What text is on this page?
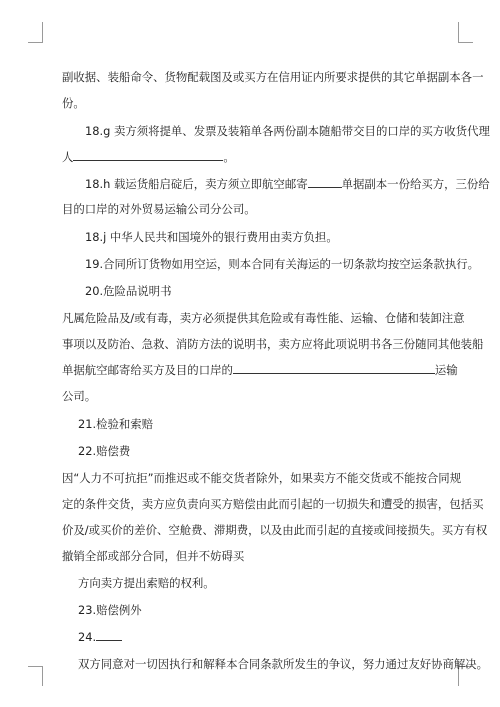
副收据、装船命令、货物配载图及或买方在信用证内所要求提供的其它单据副本各一
份。
18.g 卖方须将提单、发票及装箱单各两份副本随船带交目的口岸的买方收货代理
人	。
18.h 载运货船启碇后，卖方须立即航空邮寄	单据副本一份给买方，三份给
目的口岸的对外贸易运输公司分公司。
18.j 中华人民共和国境外的银行费用由卖方负担。
19.合同所订货物如用空运，则本合同有关海运的一切条款均按空运条款执行。
20.危险品说明书
凡属危险品及/或有毒，卖方必须提供其危险或有毒性能、运输、仓储和装卸注意
事项以及防治、急救、消防方法的说明书，卖方应将此项说明书各三份随同其他装船
单据航空邮寄给买方及目的口岸的	运输
公司。
21.检验和索赔
22.赔偿费
因“人力不可抗拒”而推迟或不能交货者除外，如果卖方不能交货或不能按合同规
定的条件交货，卖方应负责向买方赔偿由此而引起的一切损失和遭受的损害，包括买
价及/或买价的差价、空舱费、滞期费，以及由此而引起的直接或间接损失。买方有权
撤销全部或部分合同，但并不妨碍买
方向卖方提出索赔的权利。
23.赔偿例外
24.
双方同意对一切因执行和解释本合同条款所发生的争议，努力通过友好协商解决。
